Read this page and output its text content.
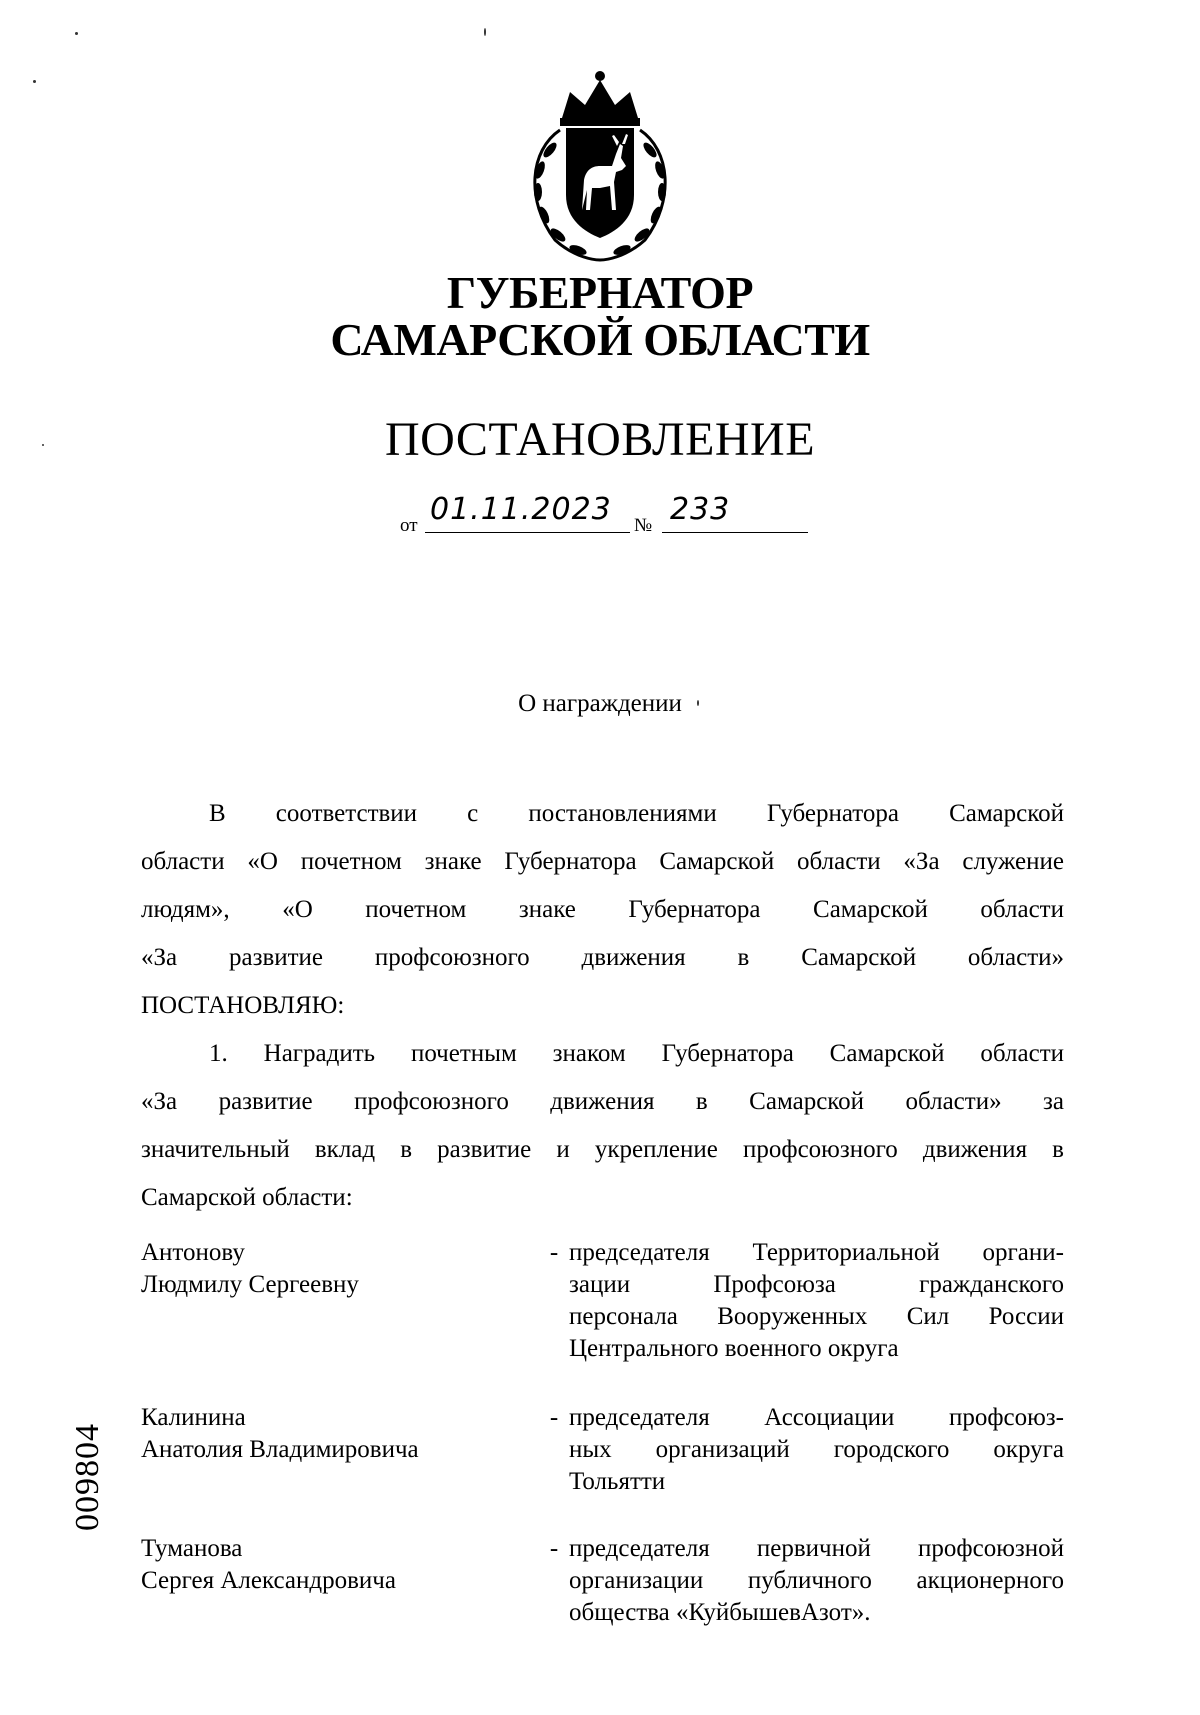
ГУБЕРНАТОР
САМАРСКОЙ ОБЛАСТИ
ПОСТАНОВЛЕНИЕ
от 01.11.2023 № 233
О награждении

В соответствии с постановлениями Губернатора Самарской

области «О почетном знаке Губернатора Самарской области «За служение

людям», «О почетном знаке Губернатора Самарской области

«За развитие профсоюзного движения в Самарской области»

ПОСТАНОВЛЯЮ:

1. Наградить почетным знаком Губернатора Самарской области

«За развитие профсоюзного движения в Самарской области» за

значительный вклад в развитие и укрепление профсоюзного движения в

Самарской области:

Антонову
Людмилу Сергеевну
- председателя Территориальной органи-
зации Профсоюза гражданского
персонала Вооруженных Сил России
Центрального военного округа
Калинина
Анатолия Владимировича
- председателя Ассоциации профсоюз-
ных организаций городского округа
Тольятти
Туманова
Сергея Александровича
- председателя первичной профсоюзной
организации публичного акционерного
общества «КуйбышевАзот».
009804
